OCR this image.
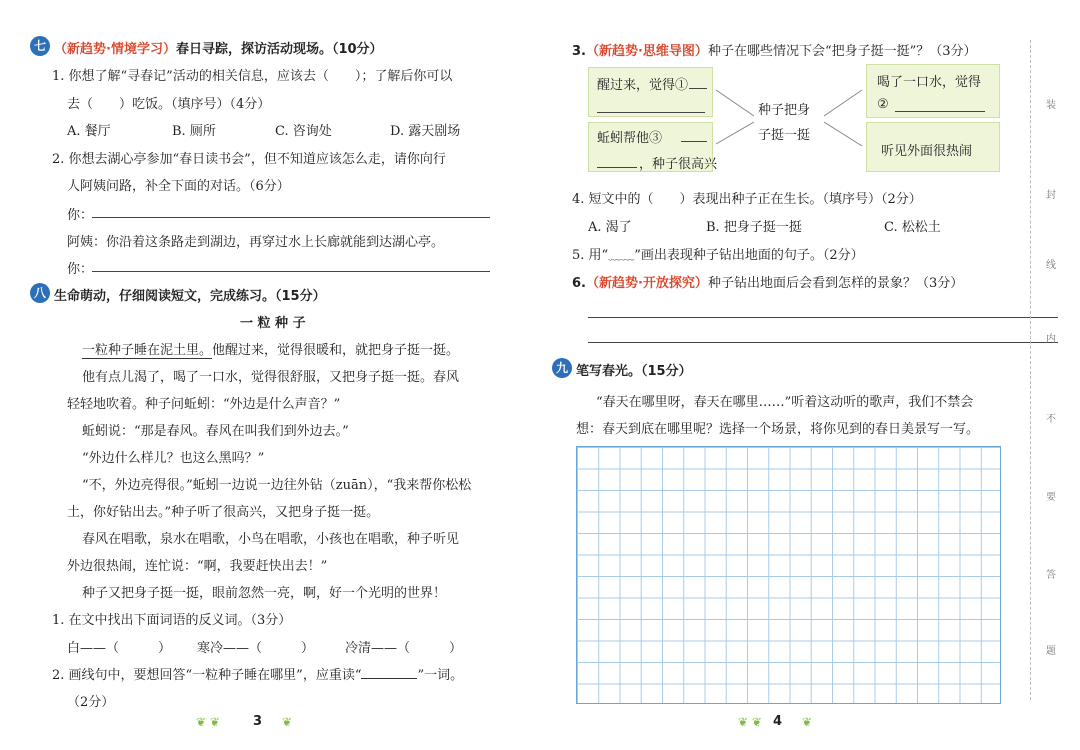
七 （新趋势·情境学习）春日寻踪，探访活动现场。（10分）
1. 你想了解“寻春记”活动的相关信息，应该去（　　）；了解后你可以
去（　　）吃饭。（填序号）（4分）
A. 餐厅	B. 厕所	C. 咨询处	D. 露天剧场
2. 你想去湖心亭参加“春日读书会”，但不知道应该怎么走，请你向行
人阿姨问路，补全下面的对话。（6分）
你：
阿姨：你沿着这条路走到湖边，再穿过水上长廊就能到达湖心亭。
你：
八 生命萌动，仔细阅读短文，完成练习。（15分）
一 粒 种 子
一粒种子睡在泥土里。他醒过来，觉得很暖和，就把身子挺一挺。
他有点儿渴了，喝了一口水，觉得很舒服，又把身子挺一挺。春风
轻轻地吹着。种子问蚯蚓：“外边是什么声音？”
蚯蚓说：“那是春风。春风在叫我们到外边去。”
“外边什么样儿？也这么黑吗？”
“不，外边亮得很。”蚯蚓一边说一边往外钻（zuān），“我来帮你松松
土，你好钻出去。”种子听了很高兴，又把身子挺一挺。
春风在唱歌，泉水在唱歌，小鸟在唱歌，小孩也在唱歌，种子听见
外边很热闹，连忙说：“啊，我要赶快出去！”
种子又把身子挺一挺，眼前忽然一亮，啊，好一个光明的世界！
1. 在文中找出下面词语的反义词。（3分）
白——（　　　） 寒冷——（　　　） 冷清——（　　　）
2. 画线句中，要想回答“一粒种子睡在哪里”，应重读“	”一词。
（2分）
❦ ❦	3 ❦
3.（新趋势·思维导图）种子在哪些情况下会“把身子挺一挺”？（3分）
醒过来，觉得①
蚯蚓帮他③
，种子很高兴
种子把身
子挺一挺
喝了一口水，觉得
②
听见外面很热闹
4. 短文中的（　　）表现出种子正在生长。（填序号）（2分）
A. 渴了	B. 把身子挺一挺	C. 松松土
5. 用“﹏﹏”画出表现种子钻出地面的句子。（2分）
6.（新趋势·开放探究）种子钻出地面后会看到怎样的景象？（3分）
九 笔写春光。（15分）
“春天在哪里呀，春天在哪里……”听着这动听的歌声，我们不禁会
想：春天到底在哪里呢？选择一个场景，将你见到的春日美景写一写。
❦ ❦ 4 ❦
装
封
线
内
不
要
答
题
